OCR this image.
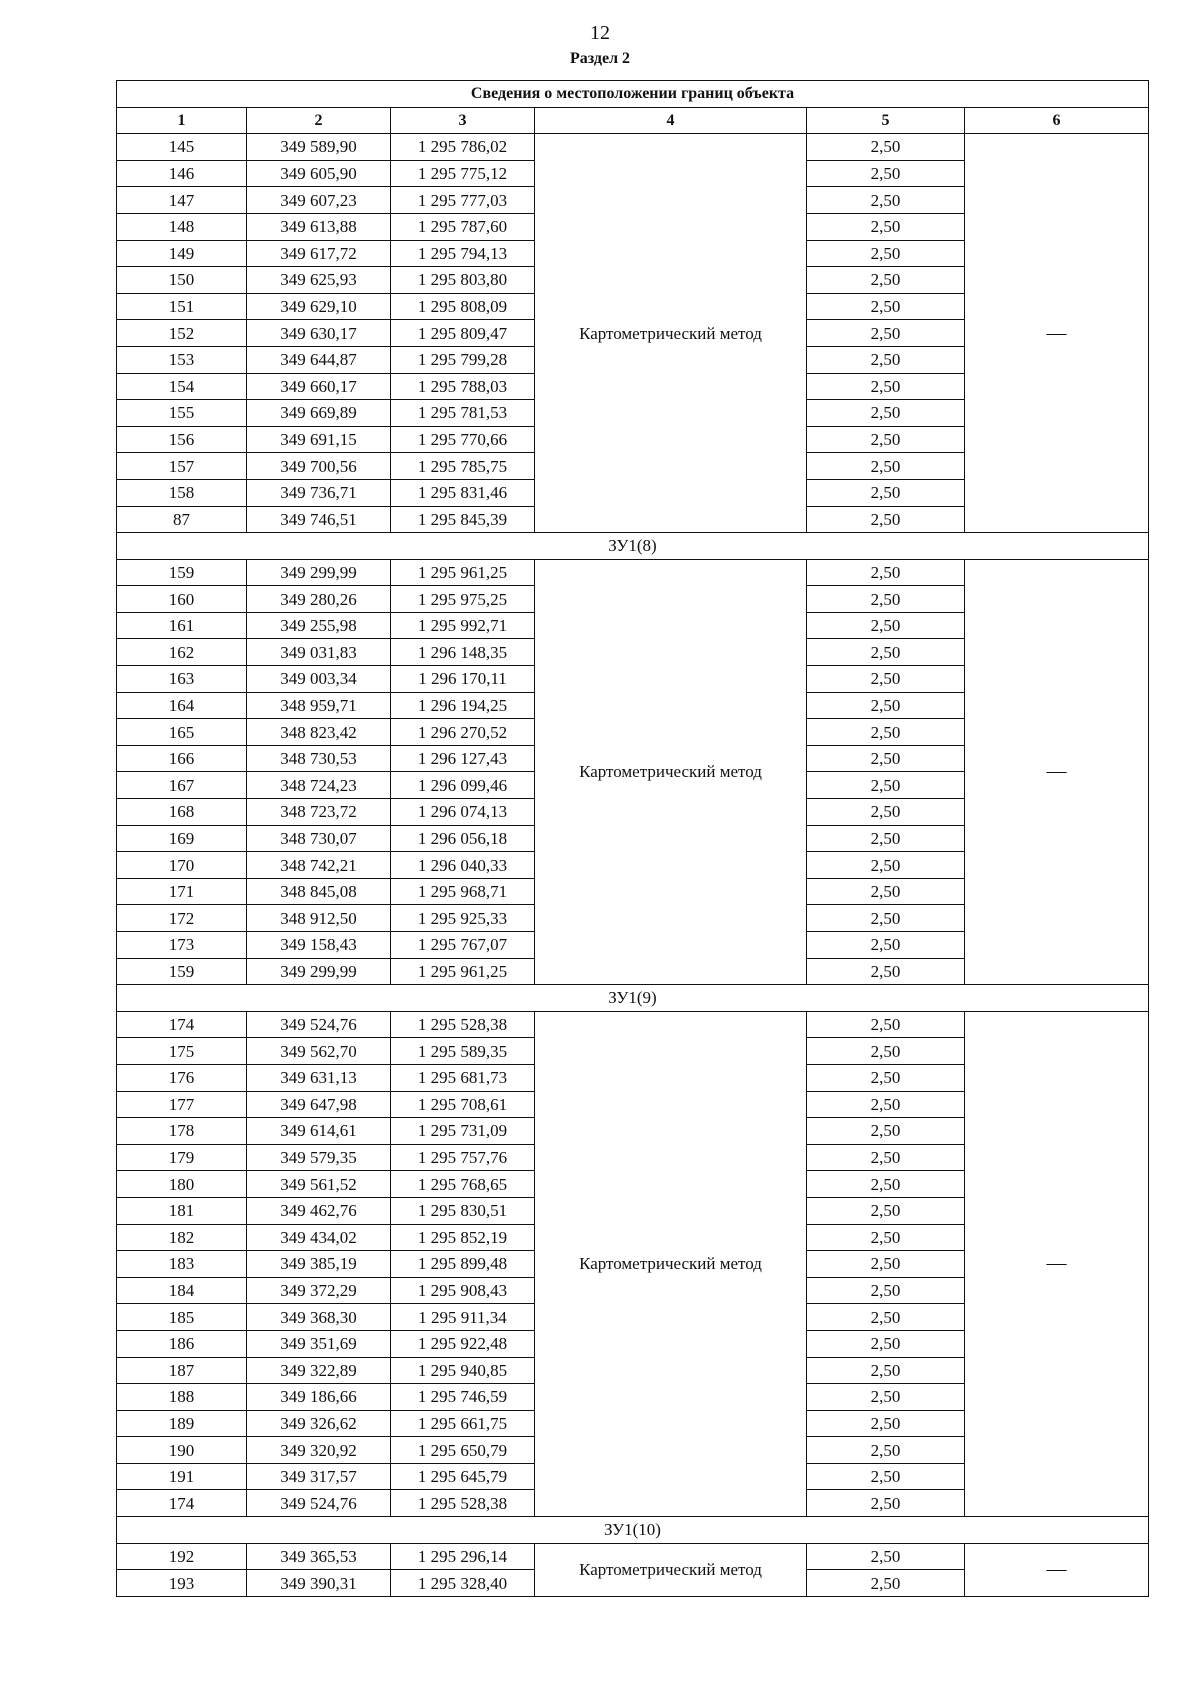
12
Раздел 2
Сведения о местоположении границ объекта					
1	2	3	4	5	6
145	349 589,90	1 295 786,02	Картометрический метод	2,50	—
146	349 605,90	1 295 775,12		2,50	
147	349 607,23	1 295 777,03		2,50	
148	349 613,88	1 295 787,60		2,50	
149	349 617,72	1 295 794,13		2,50	
150	349 625,93	1 295 803,80		2,50	
151	349 629,10	1 295 808,09		2,50	
152	349 630,17	1 295 809,47		2,50	
153	349 644,87	1 295 799,28		2,50	
154	349 660,17	1 295 788,03		2,50	
155	349 669,89	1 295 781,53		2,50	
156	349 691,15	1 295 770,66		2,50	
157	349 700,56	1 295 785,75		2,50	
158	349 736,71	1 295 831,46		2,50	
87	349 746,51	1 295 845,39		2,50	
ЗУ1(8)					
159	349 299,99	1 295 961,25	Картометрический метод	2,50	—
160	349 280,26	1 295 975,25		2,50	
161	349 255,98	1 295 992,71		2,50	
162	349 031,83	1 296 148,35		2,50	
163	349 003,34	1 296 170,11		2,50	
164	348 959,71	1 296 194,25		2,50	
165	348 823,42	1 296 270,52		2,50	
166	348 730,53	1 296 127,43		2,50	
167	348 724,23	1 296 099,46		2,50	
168	348 723,72	1 296 074,13		2,50	
169	348 730,07	1 296 056,18		2,50	
170	348 742,21	1 296 040,33		2,50	
171	348 845,08	1 295 968,71		2,50	
172	348 912,50	1 295 925,33		2,50	
173	349 158,43	1 295 767,07		2,50	
159	349 299,99	1 295 961,25		2,50	
ЗУ1(9)					
174	349 524,76	1 295 528,38	Картометрический метод	2,50	—
175	349 562,70	1 295 589,35		2,50	
176	349 631,13	1 295 681,73		2,50	
177	349 647,98	1 295 708,61		2,50	
178	349 614,61	1 295 731,09		2,50	
179	349 579,35	1 295 757,76		2,50	
180	349 561,52	1 295 768,65		2,50	
181	349 462,76	1 295 830,51		2,50	
182	349 434,02	1 295 852,19		2,50	
183	349 385,19	1 295 899,48		2,50	
184	349 372,29	1 295 908,43		2,50	
185	349 368,30	1 295 911,34		2,50	
186	349 351,69	1 295 922,48		2,50	
187	349 322,89	1 295 940,85		2,50	
188	349 186,66	1 295 746,59		2,50	
189	349 326,62	1 295 661,75		2,50	
190	349 320,92	1 295 650,79		2,50	
191	349 317,57	1 295 645,79		2,50	
174	349 524,76	1 295 528,38		2,50	
ЗУ1(10)					
192	349 365,53	1 295 296,14	Картометрический метод	2,50	—
193	349 390,31	1 295 328,40		2,50	
